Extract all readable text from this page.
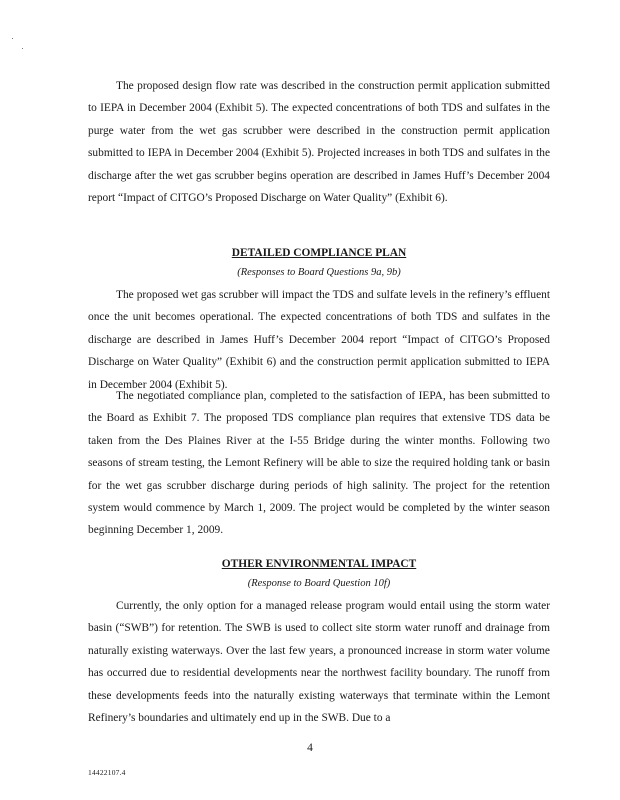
The proposed design flow rate was described in the construction permit application submitted to IEPA in December 2004 (Exhibit 5). The expected concentrations of both TDS and sulfates in the purge water from the wet gas scrubber were described in the construction permit application submitted to IEPA in December 2004 (Exhibit 5). Projected increases in both TDS and sulfates in the discharge after the wet gas scrubber begins operation are described in James Huff’s December 2004 report “Impact of CITGO’s Proposed Discharge on Water Quality” (Exhibit 6).

DETAILED COMPLIANCE PLAN

(Responses to Board Questions 9a, 9b)

The proposed wet gas scrubber will impact the TDS and sulfate levels in the refinery’s effluent once the unit becomes operational. The expected concentrations of both TDS and sulfates in the discharge are described in James Huff’s December 2004 report “Impact of CITGO’s Proposed Discharge on Water Quality” (Exhibit 6) and the construction permit application submitted to IEPA in December 2004 (Exhibit 5).

The negotiated compliance plan, completed to the satisfaction of IEPA, has been submitted to the Board as Exhibit 7. The proposed TDS compliance plan requires that extensive TDS data be taken from the Des Plaines River at the I-55 Bridge during the winter months. Following two seasons of stream testing, the Lemont Refinery will be able to size the required holding tank or basin for the wet gas scrubber discharge during periods of high salinity. The project for the retention system would commence by March 1, 2009. The project would be completed by the winter season beginning December 1, 2009.

OTHER ENVIRONMENTAL IMPACT

(Response to Board Question 10f)

Currently, the only option for a managed release program would entail using the storm water basin (“SWB”) for retention. The SWB is used to collect site storm water runoff and drainage from naturally existing waterways. Over the last few years, a pronounced increase in storm water volume has occurred due to residential developments near the northwest facility boundary. The runoff from these developments feeds into the naturally existing waterways that terminate within the Lemont Refinery’s boundaries and ultimately end up in the SWB. Due to a

4
14422107.4
